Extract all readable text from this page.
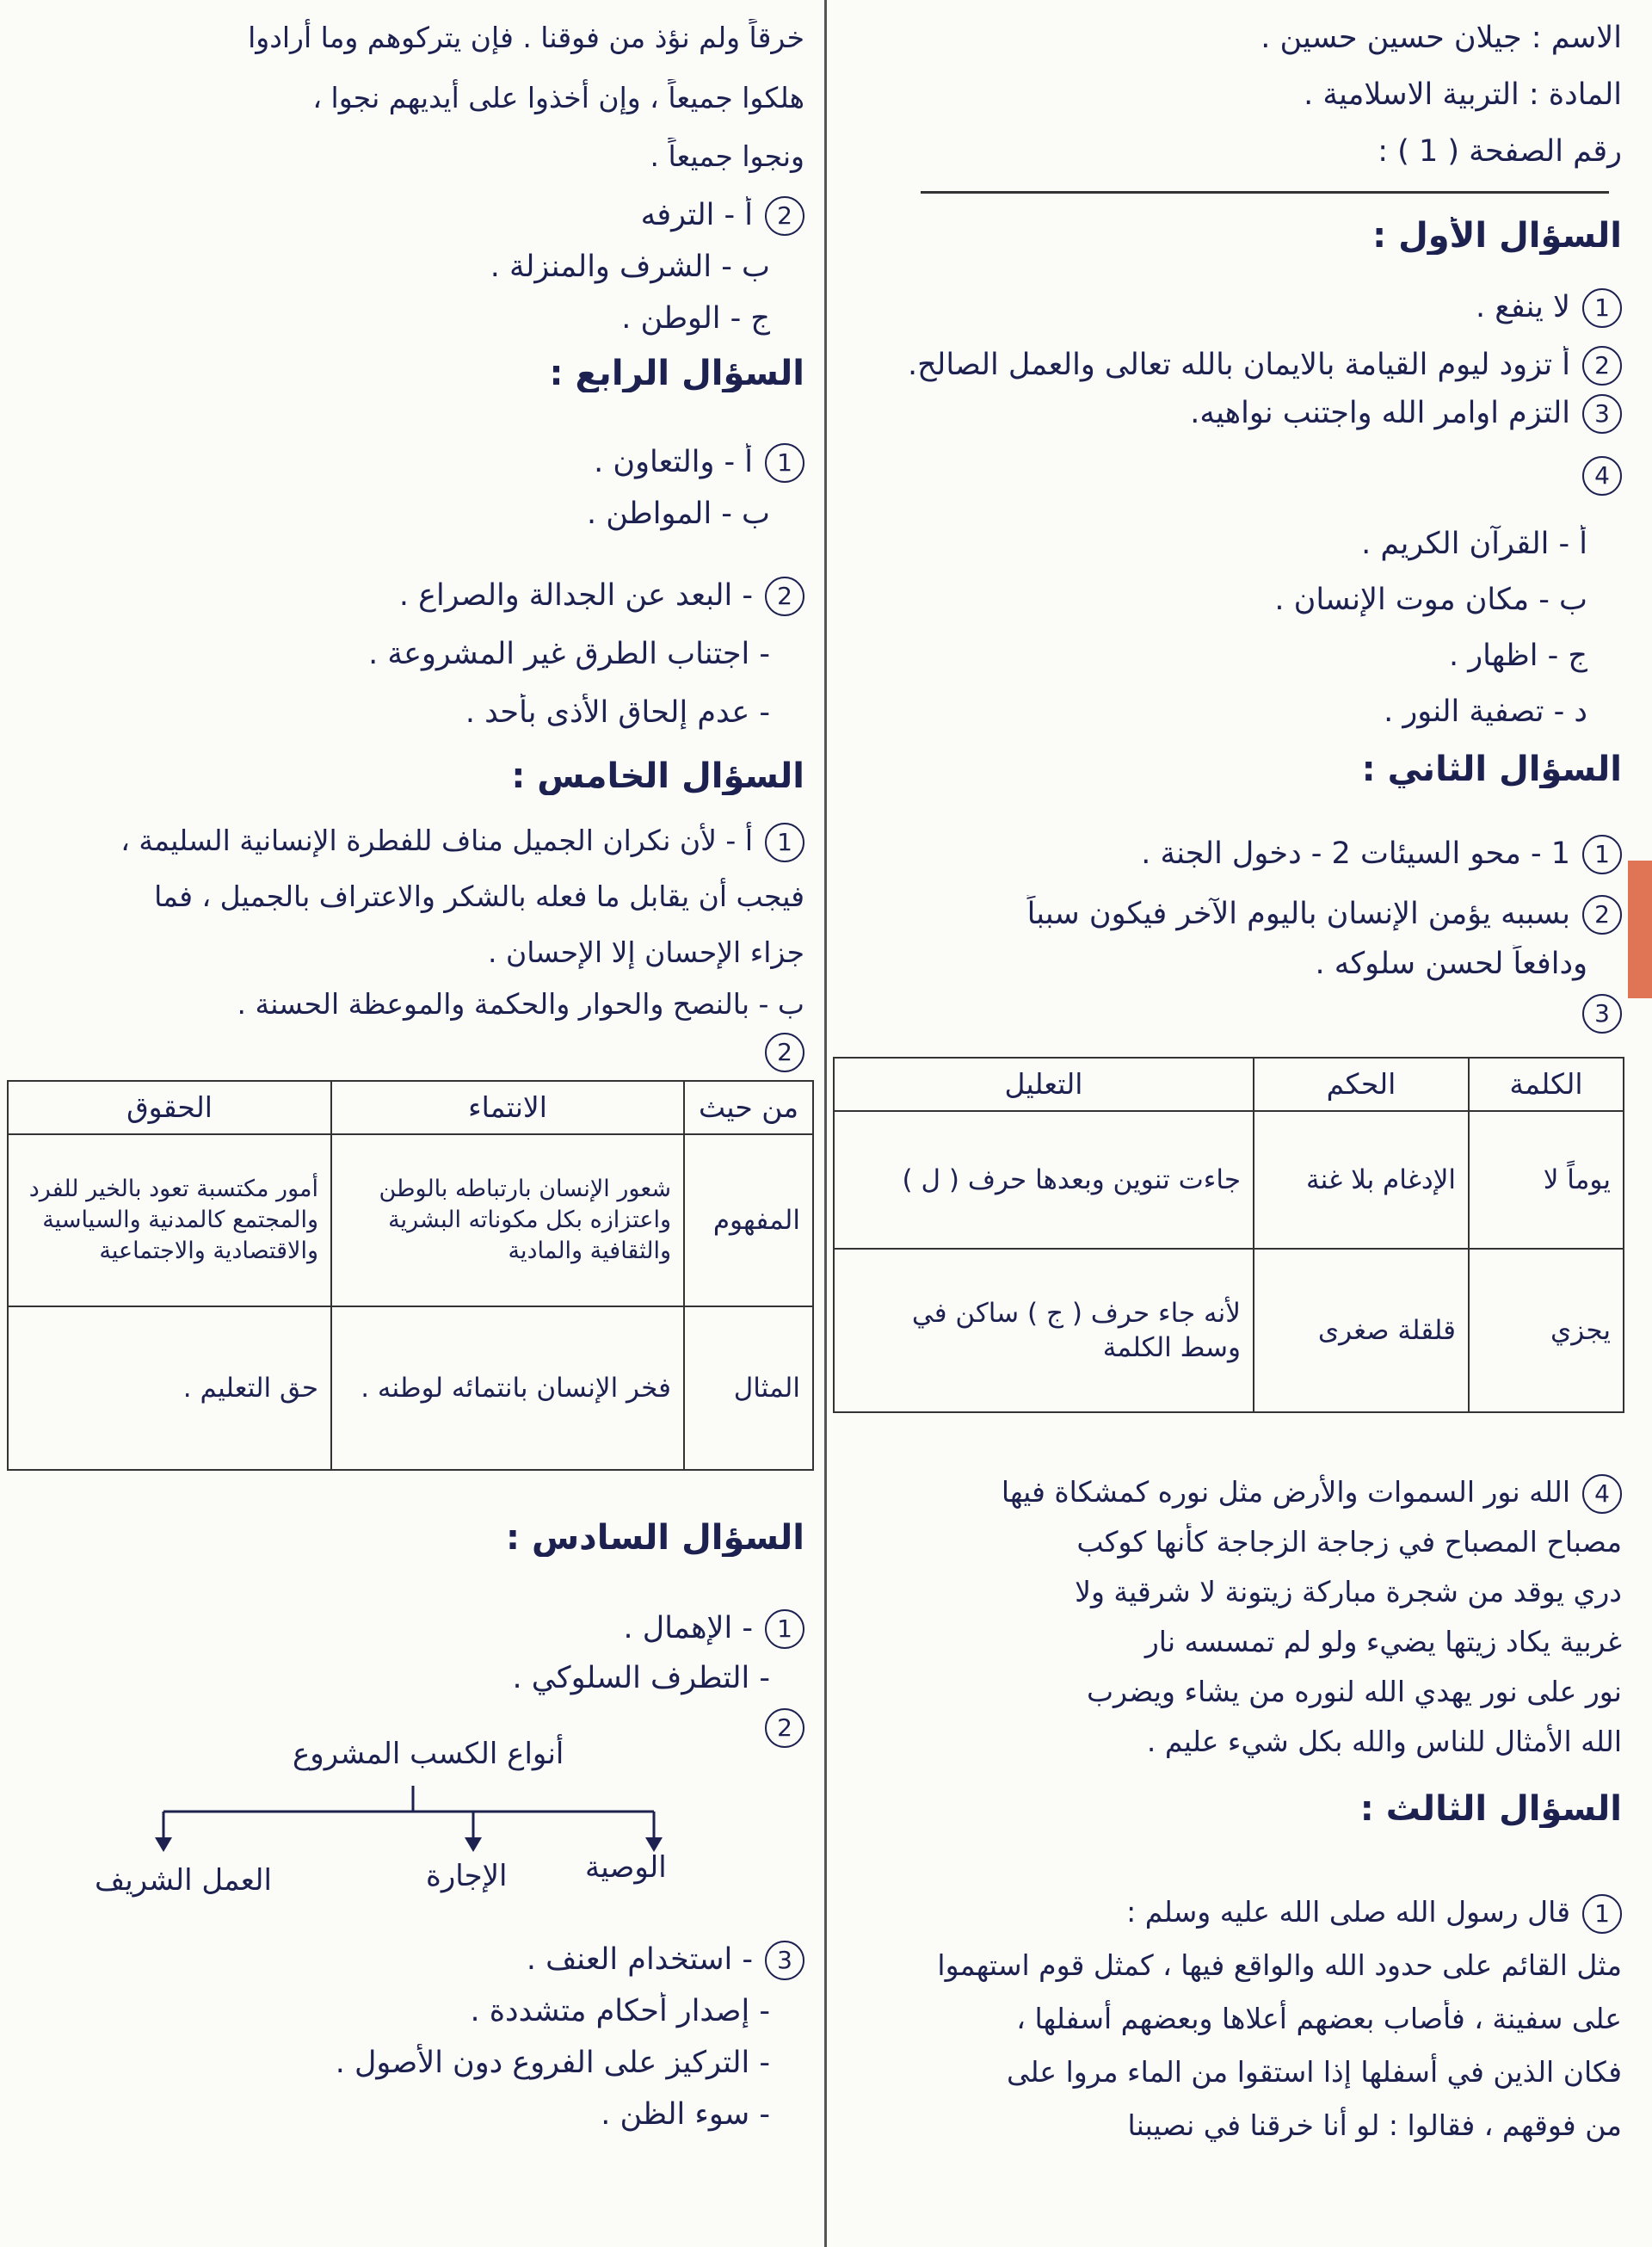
الاسم : جيلان حسين حسين .
المادة : التربية الاسلامية .
رقم الصفحة ( 1 ) :
السؤال الأول :
1لا ينفع .
2أ تزود ليوم القيامة بالايمان بالله تعالى والعمل الصالح.
3التزم اوامر الله واجتنب نواهيه.
4
أ - القرآن الكريم .
ب - مكان موت الإنسان .
ج - اظهار .
د - تصفية النور .
السؤال الثاني :
11 - محو السيئات 2 - دخول الجنة .
2بسببه يؤمن الإنسان باليوم الآخر فيكون سبباً
ودافعاً لحسن سلوكه .
3
الكلمة	الحكم	التعليل
يوماً لا	الإدغام بلا غنة	جاءت تنوين وبعدها حرف ( ل )
يجزي	قلقلة صغرى	لأنه جاء حرف ( ج ) ساكن في وسط الكلمة
4الله نور السموات والأرض مثل نوره كمشكاة فيها
مصباح المصباح في زجاجة الزجاجة كأنها كوكب
دري يوقد من شجرة مباركة زيتونة لا شرقية ولا
غربية يكاد زيتها يضيء ولو لم تمسسه نار
نور على نور يهدي الله لنوره من يشاء ويضرب
الله الأمثال للناس والله بكل شيء عليم .
السؤال الثالث :
1قال رسول الله صلى الله عليه وسلم :
مثل القائم على حدود الله والواقع فيها ، كمثل قوم استهموا
على سفينة ، فأصاب بعضهم أعلاها وبعضهم أسفلها ،
فكان الذين في أسفلها إذا استقوا من الماء مروا على
من فوقهم ، فقالوا : لو أنا خرقنا في نصيبنا
خرقاً ولم نؤذ من فوقنا . فإن يتركوهم وما أرادوا
هلكوا جميعاً ، وإن أخذوا على أيديهم نجوا ،
ونجوا جميعاً .
2أ - الترفه
ب - الشرف والمنزلة .
ج - الوطن .
السؤال الرابع :
1أ - والتعاون .
ب - المواطن .
2- البعد عن الجدالة والصراع .
- اجتناب الطرق غير المشروعة .
- عدم إلحاق الأذى بأحد .
السؤال الخامس :
1أ - لأن نكران الجميل مناف للفطرة الإنسانية السليمة ،
فيجب أن يقابل ما فعله بالشكر والاعتراف بالجميل ، فما
جزاء الإحسان إلا الإحسان .
ب - بالنصح والحوار والحكمة والموعظة الحسنة .
2
من حيث	الانتماء	الحقوق
المفهوم	شعور الإنسان بارتباطه بالوطن واعتزازه بكل مكوناته البشرية والثقافية والمادية	أمور مكتسبة تعود بالخير للفرد والمجتمع كالمدنية والسياسية والاقتصادية والاجتماعية
المثال	فخر الإنسان بانتمائه لوطنه .	حق التعليم .
السؤال السادس :
1- الإهمال .
- التطرف السلوكي .
2
أنواع الكسب المشروع
العمل الشريف	الإجارة	الوصية
3- استخدام العنف .
- إصدار أحكام متشددة .
- التركيز على الفروع دون الأصول .
- سوء الظن .
